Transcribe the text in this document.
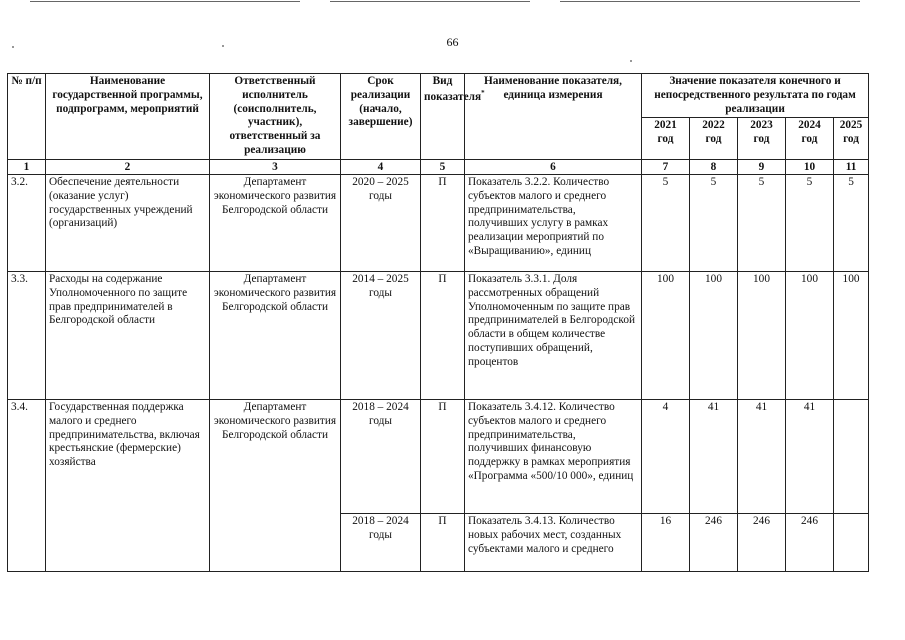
66
№ п/п	Наименование государственной программы, подпрограмм, мероприятий	Ответственный исполнитель (соисполнитель, участник), ответственный за реализацию	Срок реализации (начало, завершение)	Вид показателя*	Наименование показателя, единица измерения	Значение показателя конечного и непосредственного результата по годам реализации				
						2021 год	2022 год	2023 год	2024 год	2025 год
1	2	3	4	5	6	7	8	9	10	11
3.2.	Обеспечение деятельности (оказание услуг) государственных учреждений (организаций)	Департамент экономического развития Белгородской области	2020 – 2025 годы	П	Показатель 3.2.2. Количество субъектов малого и среднего предпринимательства, получивших услугу в рамках реализации мероприятий по «Выращиванию», единиц	5	5	5	5	5
3.3.	Расходы на содержание Уполномоченного по защите прав предпринимателей в Белгородской области	Департамент экономического развития Белгородской области	2014 – 2025 годы	П	Показатель 3.3.1. Доля рассмотренных обращений Уполномоченным по защите прав предпринимателей в Белгородской области в общем количестве поступивших обращений, процентов	100	100	100	100	100
3.4.	Государственная поддержка малого и среднего предпринимательства, включая крестьянские (фермерские) хозяйства	Департамент экономического развития Белгородской области	2018 – 2024 годы	П	Показатель 3.4.12. Количество субъектов малого и среднего предпринимательства, получивших финансовую поддержку в рамках мероприятия «Программа «500/10 000», единиц	4	41	41	41	
			2018 – 2024 годы	П	Показатель 3.4.13. Количество новых рабочих мест, созданных субъектами малого и среднего	16	246	246	246	
